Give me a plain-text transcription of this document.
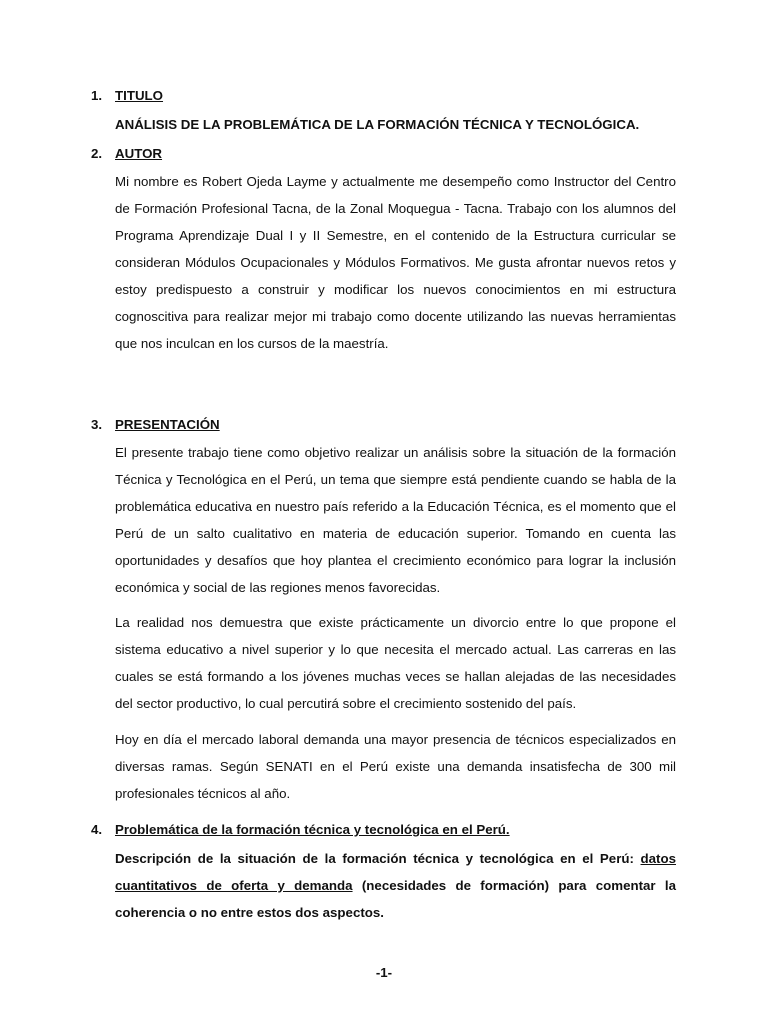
1. TITULO
ANÁLISIS DE LA PROBLEMÁTICA DE LA FORMACIÓN TÉCNICA Y TECNOLÓGICA.
2. AUTOR

Mi nombre es Robert Ojeda Layme y actualmente me desempeño como Instructor del Centro de Formación Profesional Tacna, de la Zonal Moquegua - Tacna. Trabajo con los alumnos del Programa Aprendizaje Dual I y II Semestre, en el contenido de la Estructura curricular se consideran Módulos Ocupacionales y Módulos Formativos. Me gusta afrontar nuevos retos y estoy predispuesto a construir y modificar los nuevos conocimientos en mi estructura cognoscitiva para realizar mejor mi trabajo como docente utilizando las nuevas herramientas que nos inculcan en los cursos de la maestría.

3. PRESENTACIÓN

El presente trabajo tiene como objetivo realizar un análisis sobre la situación de la formación Técnica y Tecnológica en el Perú, un tema que siempre está pendiente cuando se habla de la problemática educativa en nuestro país referido a la Educación Técnica, es el momento que el Perú de un salto cualitativo en materia de educación superior. Tomando en cuenta las oportunidades y desafíos que hoy plantea el crecimiento económico para lograr la inclusión económica y social de las regiones menos favorecidas.

La realidad nos demuestra que existe prácticamente un divorcio entre lo que propone el sistema educativo a nivel superior y lo que necesita el mercado actual. Las carreras en las cuales se está formando a los jóvenes muchas veces se hallan alejadas de las necesidades del sector productivo, lo cual percutirá sobre el crecimiento sostenido del país.

Hoy en día el mercado laboral demanda una mayor presencia de técnicos especializados en diversas ramas. Según SENATI en el Perú existe una demanda insatisfecha de 300 mil profesionales técnicos al año.

4. Problemática de la formación técnica y tecnológica en el Perú.

Descripción de la situación de la formación técnica y tecnológica en el Perú: datos cuantitativos de oferta y demanda (necesidades de formación) para comentar la coherencia o no entre estos dos aspectos.

-1-
